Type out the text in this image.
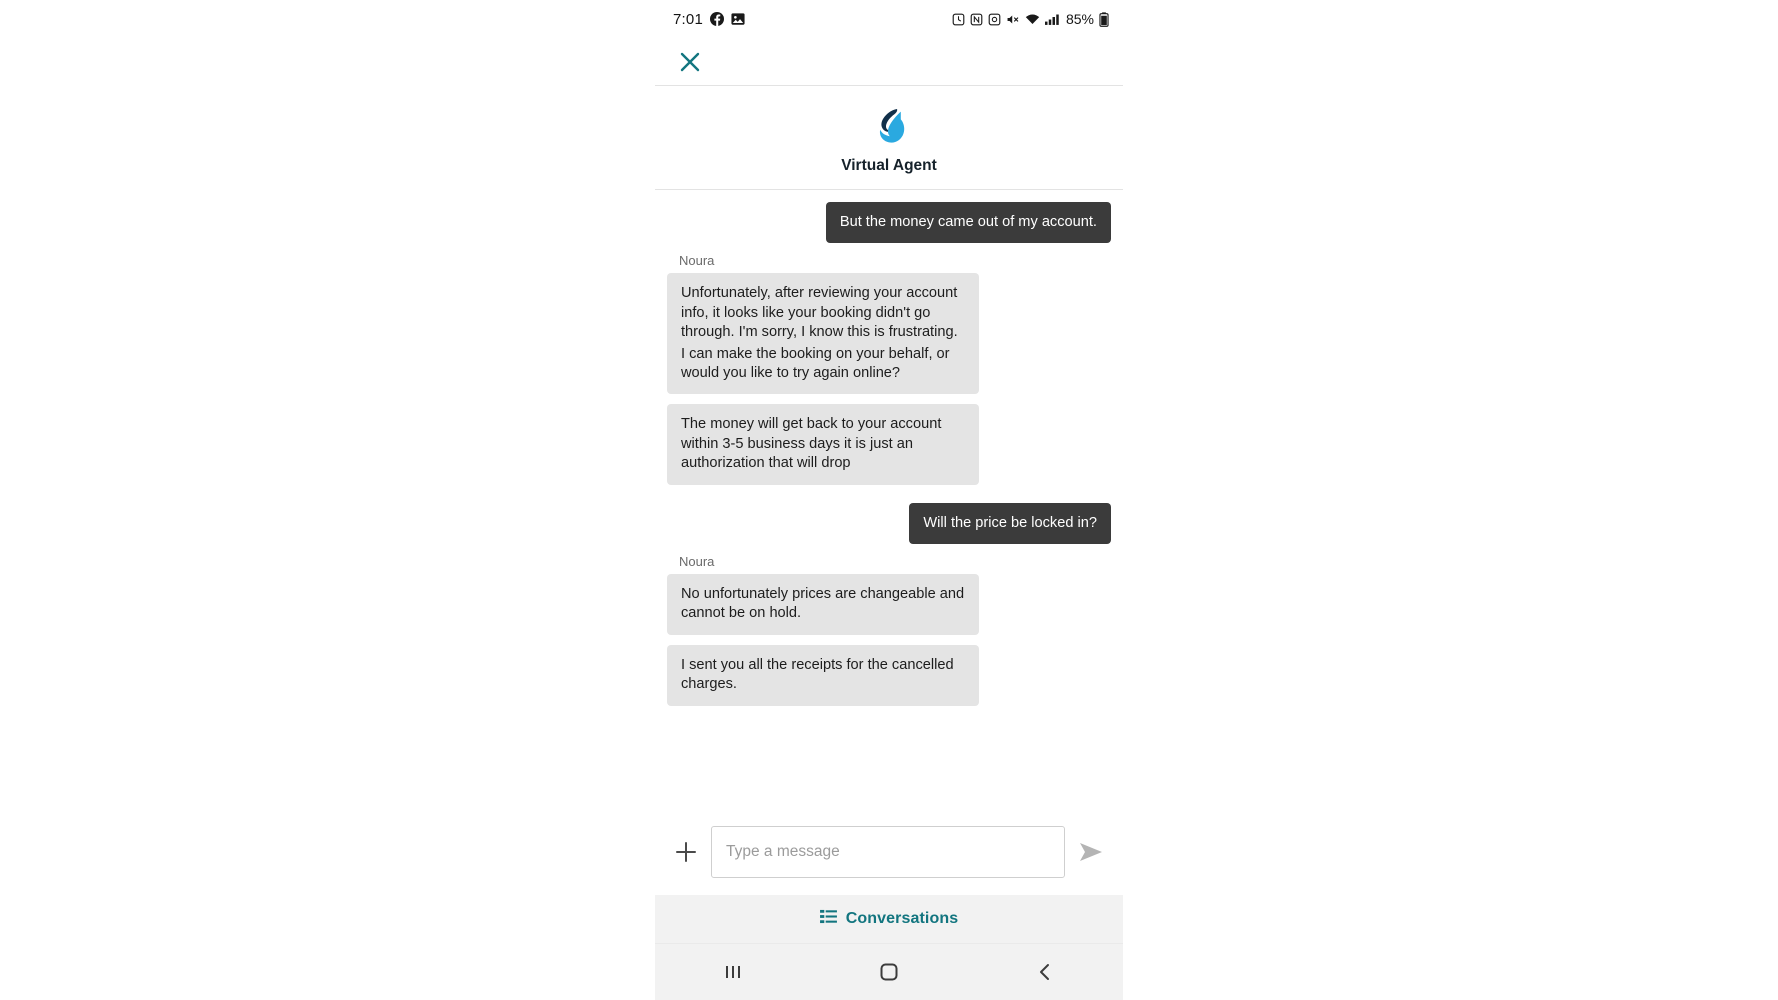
7:01	85%
Virtual Agent

But the money came out of my account.

Noura

Unfortunately, after reviewing your account info, it looks like your booking didn't go through. I'm sorry, I know this is frustrating.

I can make the booking on your behalf, or would you like to try again online?

The money will get back to your account within 3-5 business days it is just an authorization that will drop

Will the price be locked in?

Noura

No unfortunately prices are changeable and cannot be on hold.

I sent you all the receipts for the cancelled charges.

Type a message
Conversations
